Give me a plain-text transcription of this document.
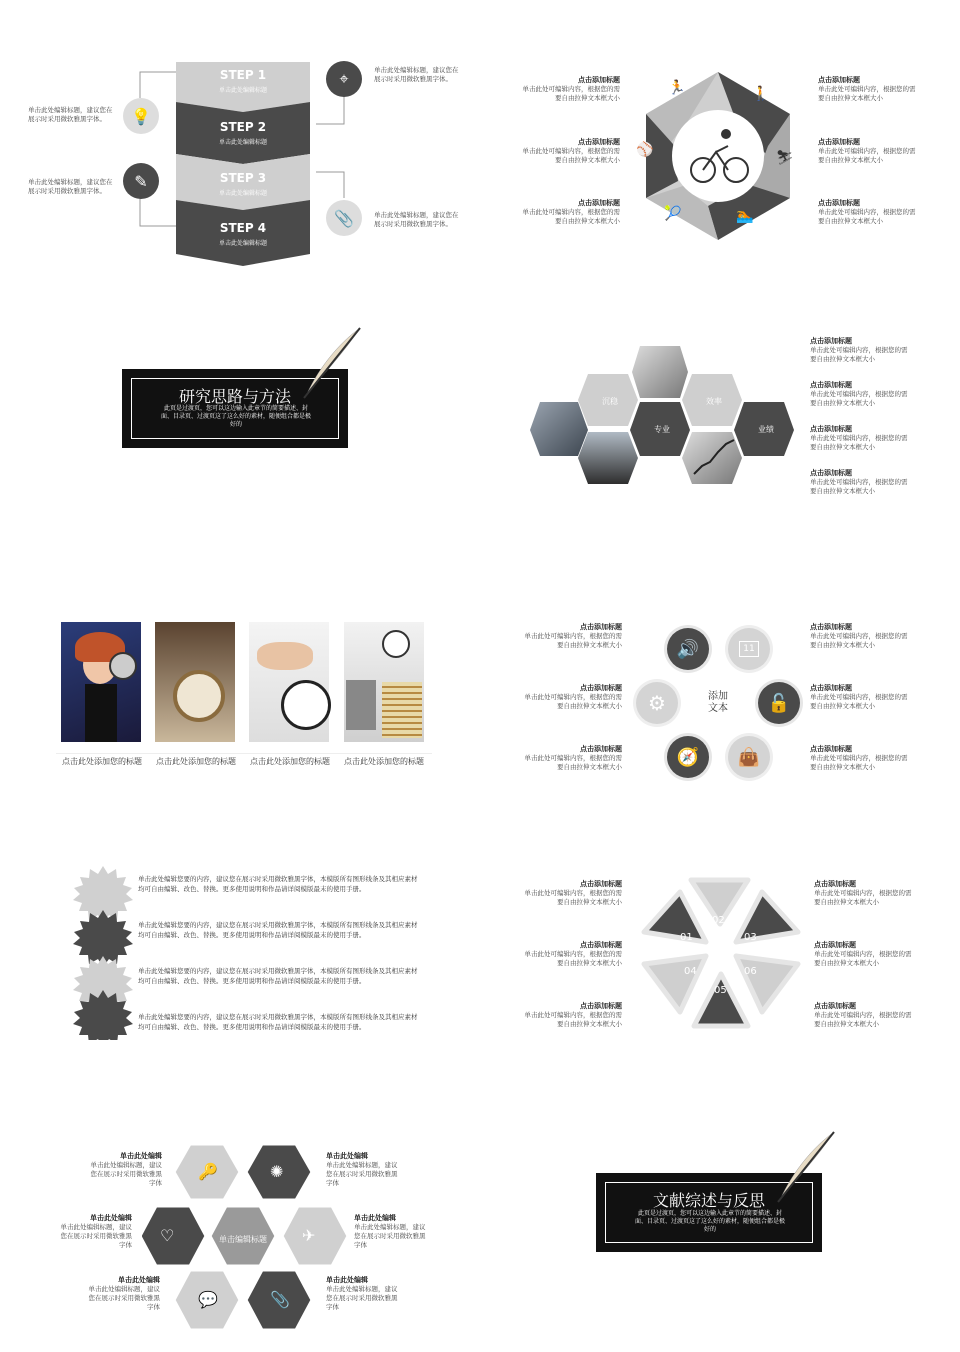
STEP 1
单击此处编辑标题
STEP 2
单击此处编辑标题
STEP 3
单击此处编辑标题
STEP 4
单击此处编辑标题
💡
✎
⌖
📎
单击此处编辑标题，建议您在展示时采用微软雅黑字体。
单击此处编辑标题，建议您在展示时采用微软雅黑字体。
单击此处编辑标题，建议您在展示时采用微软雅黑字体。
单击此处编辑标题，建议您在展示时采用微软雅黑字体。
🏃	🚶
⛷
🏊
🎾
⚾
点击添加标题
单击此处可编辑内容，根据您的需要自由拉伸文本框大小
点击添加标题
单击此处可编辑内容，根据您的需要自由拉伸文本框大小
点击添加标题
单击此处可编辑内容，根据您的需要自由拉伸文本框大小
点击添加标题
单击此处可编辑内容，根据您的需要自由拉伸文本框大小
点击添加标题
单击此处可编辑内容，根据您的需要自由拉伸文本框大小
点击添加标题
单击此处可编辑内容，根据您的需要自由拉伸文本框大小
研究思路与方法
此页是过渡页，您可以这边输入此章节的简要描述、封面、目录页、过渡页这了这么好的素材，随便组合都是极好的
沉稳	效率
专业	业绩
点击添加标题
单击此处可编辑内容，根据您的需要自由拉伸文本框大小
点击添加标题
单击此处可编辑内容，根据您的需要自由拉伸文本框大小
点击添加标题
单击此处可编辑内容，根据您的需要自由拉伸文本框大小
点击添加标题
单击此处可编辑内容，根据您的需要自由拉伸文本框大小
点击此处添加您的标题	点击此处添加您的标题	点击此处添加您的标题	点击此处添加您的标题
🔊	11
⚙	添加
文本 🔓
🧭 👜
点击添加标题
单击此处可编辑内容，根据您的需要自由拉伸文本框大小
点击添加标题
单击此处可编辑内容，根据您的需要自由拉伸文本框大小
点击添加标题
单击此处可编辑内容，根据您的需要自由拉伸文本框大小
点击添加标题
单击此处可编辑内容，根据您的需要自由拉伸文本框大小
点击添加标题
单击此处可编辑内容，根据您的需要自由拉伸文本框大小
点击添加标题
单击此处可编辑内容，根据您的需要自由拉伸文本框大小
单击此处编辑您要的内容，建议您在展示时采用微软雅黑字体，本模版所有图形线条及其相应素材均可自由编辑、改色、替换。更多使用说明和作品请详阅模版最末的使用手册。
单击此处编辑您要的内容，建议您在展示时采用微软雅黑字体，本模版所有图形线条及其相应素材均可自由编辑、改色、替换。更多使用说明和作品请详阅模版最末的使用手册。
单击此处编辑您要的内容，建议您在展示时采用微软雅黑字体，本模版所有图形线条及其相应素材均可自由编辑、改色、替换。更多使用说明和作品请详阅模版最末的使用手册。
单击此处编辑您要的内容，建议您在展示时采用微软雅黑字体，本模版所有图形线条及其相应素材均可自由编辑、改色、替换。更多使用说明和作品请详阅模版最末的使用手册。
01
02
03
04
05
06
点击添加标题
单击此处可编辑内容，根据您的需要自由拉伸文本框大小
点击添加标题
单击此处可编辑内容，根据您的需要自由拉伸文本框大小
点击添加标题
单击此处可编辑内容，根据您的需要自由拉伸文本框大小
点击添加标题
单击此处可编辑内容，根据您的需要自由拉伸文本框大小
点击添加标题
单击此处可编辑内容，根据您的需要自由拉伸文本框大小
点击添加标题
单击此处可编辑内容，根据您的需要自由拉伸文本框大小
🔑	✺
♡	✈
💬	📎
单击编辑标题
单击此处编辑
单击此处编辑标题，建议您在展示时采用微软雅黑字体
单击此处编辑
单击此处编辑标题，建议您在展示时采用微软雅黑字体
单击此处编辑
单击此处编辑标题，建议您在展示时采用微软雅黑字体
单击此处编辑
单击此处编辑标题，建议您在展示时采用微软雅黑字体
单击此处编辑
单击此处编辑标题，建议您在展示时采用微软雅黑字体
单击此处编辑
单击此处编辑标题，建议您在展示时采用微软雅黑字体
文献综述与反思
此页是过渡页，您可以这边输入此章节的简要描述、封面、目录页、过渡页这了这么好的素材，随便组合都是极好的
